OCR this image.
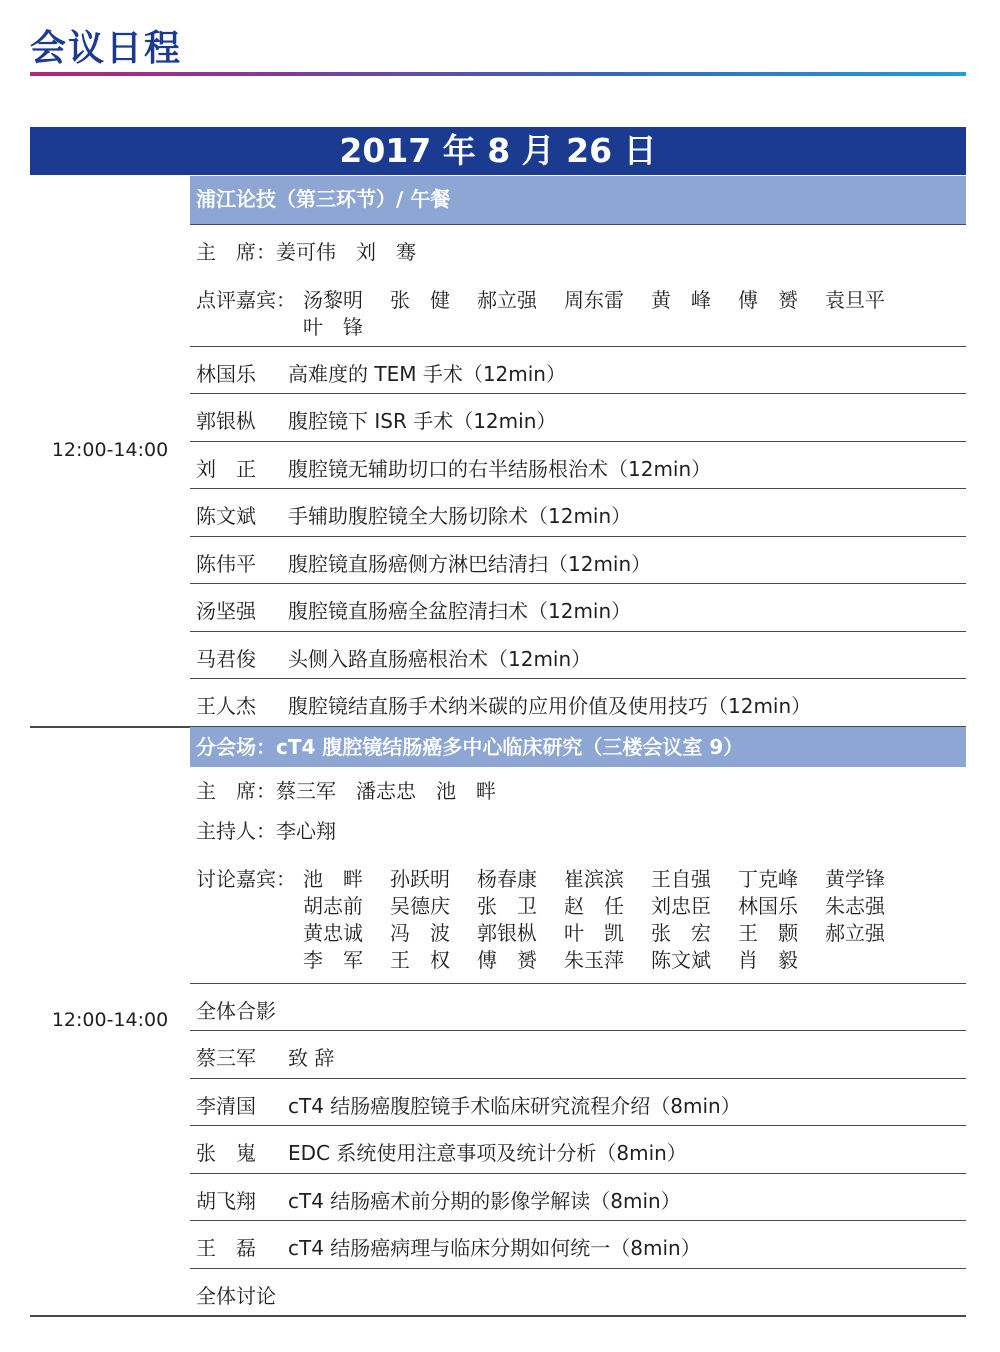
会议日程
2017 年 8 月 26 日
浦江论技（第三环节）/ 午餐
主　席：姜可伟　刘　骞
点评嘉宾： 汤黎明 张　健 郝立强 周东雷 黄　峰 傅　赟 袁旦平
叶　锋
林国乐 高难度的 TEM 手术（12min）
郭银枞 腹腔镜下 ISR 手术（12min）
刘　正 腹腔镜无辅助切口的右半结肠根治术（12min）
陈文斌 手辅助腹腔镜全大肠切除术（12min）
陈伟平 腹腔镜直肠癌侧方淋巴结清扫（12min）
汤坚强 腹腔镜直肠癌全盆腔清扫术（12min）
马君俊 头侧入路直肠癌根治术（12min）
王人杰 腹腔镜结直肠手术纳米碳的应用价值及使用技巧（12min）
12:00-14:00
分会场：cT4 腹腔镜结肠癌多中心临床研究（三楼会议室 9）
主　席：蔡三军　潘志忠　池　畔
主持人：李心翔
讨论嘉宾： 池　畔 孙跃明 杨春康 崔滨滨 王自强 丁克峰 黄学锋
胡志前 吴德庆 张　卫 赵　任 刘忠臣 林国乐 朱志强
黄忠诚 冯　波 郭银枞 叶　凯 张　宏 王　颢 郝立强
李　军 王　权 傅　赟 朱玉萍 陈文斌 肖　毅
全体合影
蔡三军 致 辞
李清国 cT4 结肠癌腹腔镜手术临床研究流程介绍（8min）
张　嵬 EDC 系统使用注意事项及统计分析（8min）
胡飞翔 cT4 结肠癌术前分期的影像学解读（8min）
王　磊 cT4 结肠癌病理与临床分期如何统一（8min）
全体讨论
12:00-14:00
